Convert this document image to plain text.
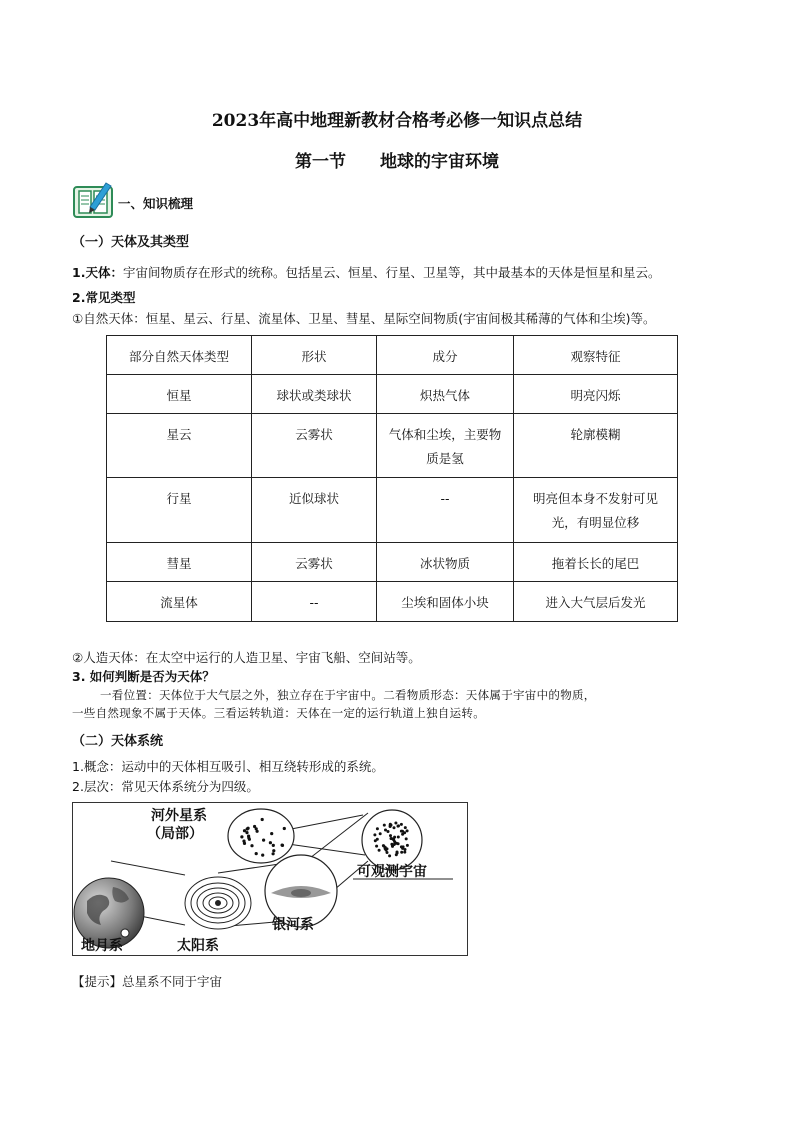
2023年高中地理新教材合格考必修一知识点总结
第一节　　地球的宇宙环境
一、知识梳理
（一）天体及其类型
1.天体：宇宙间物质存在形式的统称。包括星云、恒星、行星、卫星等，其中最基本的天体是恒星和星云。
2.常见类型
①自然天体：恒星、星云、行星、流星体、卫星、彗星、星际空间物质(宇宙间极其稀薄的气体和尘埃)等。
部分自然天体类型	形状	成分	观察特征
恒星	球状或类球状	炽热气体	明亮闪烁
星云	云雾状	气体和尘埃，主要物质是氢	轮廓模糊
行星	近似球状	--	明亮但本身不发射可见光，有明显位移
彗星	云雾状	冰状物质	拖着长长的尾巴
流星体	--	尘埃和固体小块	进入大气层后发光
②人造天体：在太空中运行的人造卫星、宇宙飞船、空间站等。
3. 如何判断是否为天体？
一看位置：天体位于大气层之外，独立存在于宇宙中。二看物质形态：天体属于宇宙中的物质，
一些自然现象不属于天体。三看运转轨道：天体在一定的运行轨道上独自运转。
（二）天体系统
1.概念：运动中的天体相互吸引、相互绕转形成的系统。
2.层次：常见天体系统分为四级。
河外星系
（局部）
可观测宇宙
银河系
地月系	太阳系
【提示】总星系不同于宇宙
